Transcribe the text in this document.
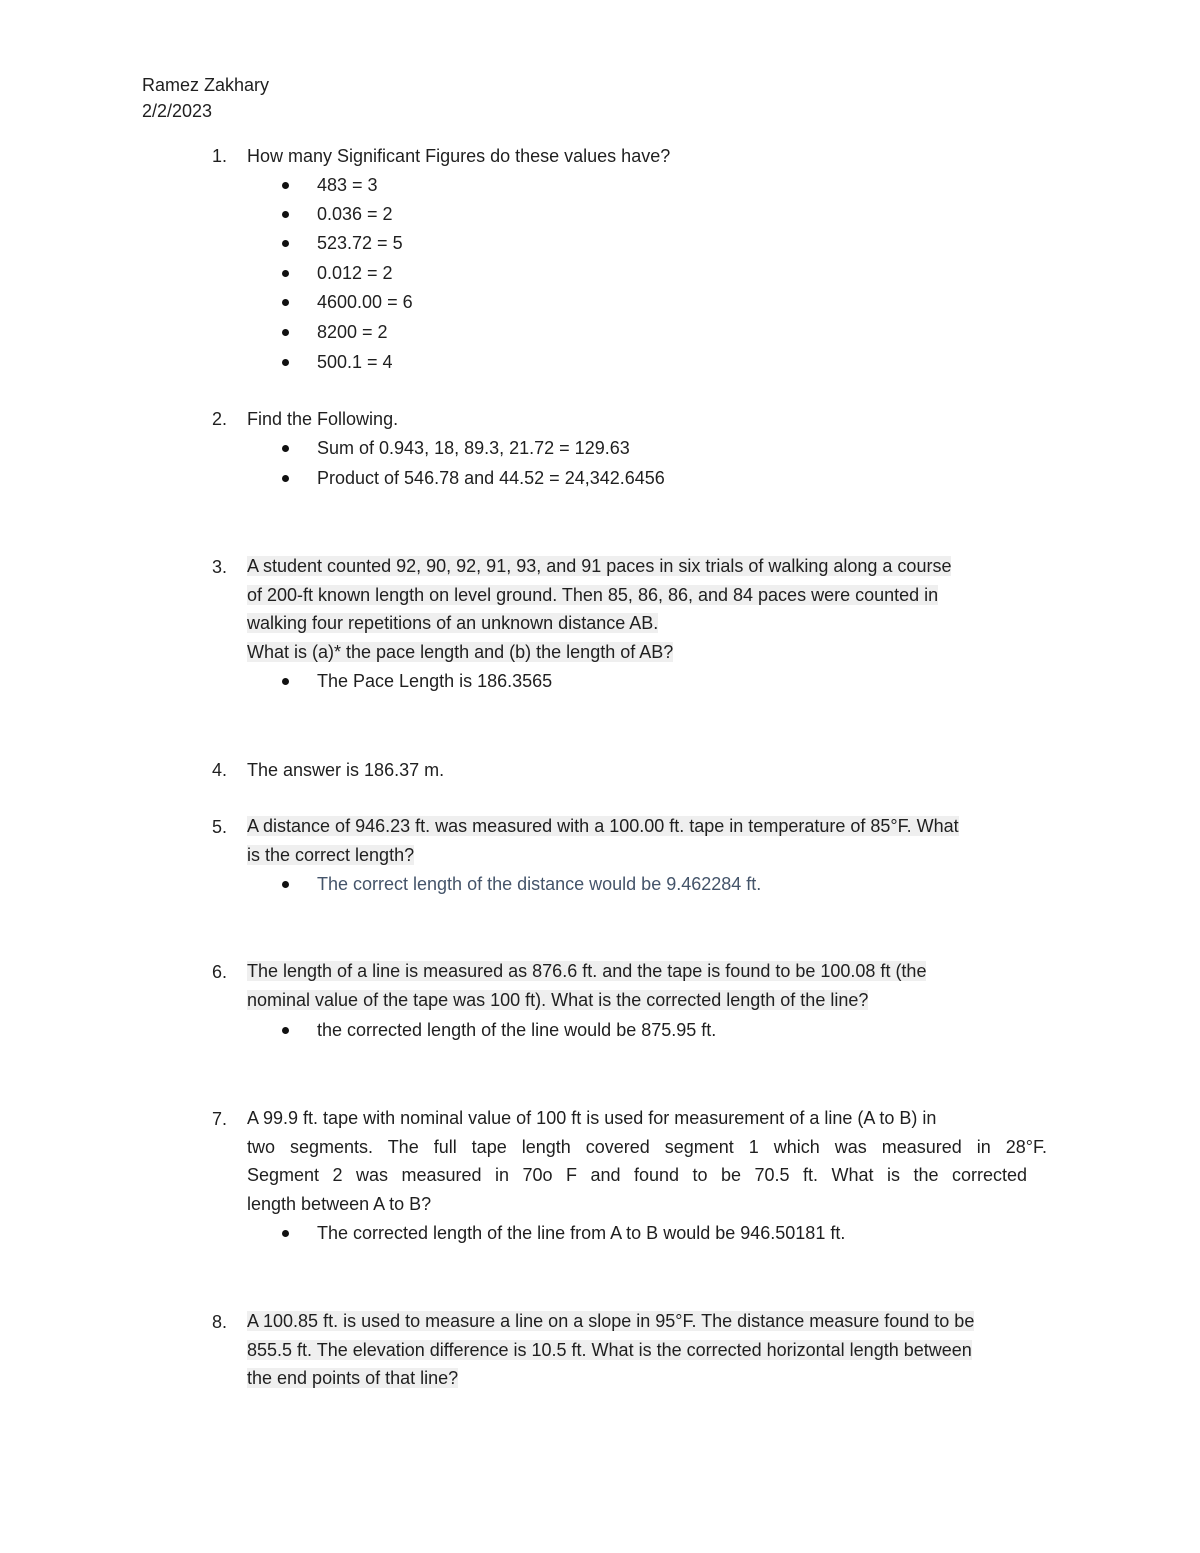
Ramez Zakhary
2/2/2023
1.	How many Significant Figures do these values have?
483 = 3
0.036 = 2
523.72 = 5
0.012 = 2
4600.00 = 6
8200 = 2
500.1 = 4
2.	Find the Following.
Sum of 0.943, 18, 89.3, 21.72 = 129.63
Product of 546.78 and 44.52 = 24,342.6456
3.	A student counted 92, 90, 92, 91, 93, and 91 paces in six trials of walking along a course
of 200-ft known length on level ground. Then 85, 86, 86, and 84 paces were counted in
walking four repetitions of an unknown distance AB.
What is (a)* the pace length and (b) the length of AB?
The Pace Length is 186.3565
4.	The answer is 186.37 m.
5.	A distance of 946.23 ft. was measured with a 100.00 ft. tape in temperature of 85°F. What
is the correct length?
The correct length of the distance would be 9.462284 ft.
6.	The length of a line is measured as 876.6 ft. and the tape is found to be 100.08 ft (the
nominal value of the tape was 100 ft). What is the corrected length of the line?
the corrected length of the line would be 875.95 ft.
7.	A 99.9 ft. tape with nominal value of 100 ft is used for measurement of a line (A to B) in
two segments. The full tape length covered segment 1 which was measured in 28°F.
Segment 2 was measured in 70o F and found to be 70.5 ft. What is the corrected
length between A to B?
The corrected length of the line from A to B would be 946.50181 ft.
8.	A 100.85 ft. is used to measure a line on a slope in 95°F. The distance measure found to be
855.5 ft. The elevation difference is 10.5 ft. What is the corrected horizontal length between
the end points of that line?
